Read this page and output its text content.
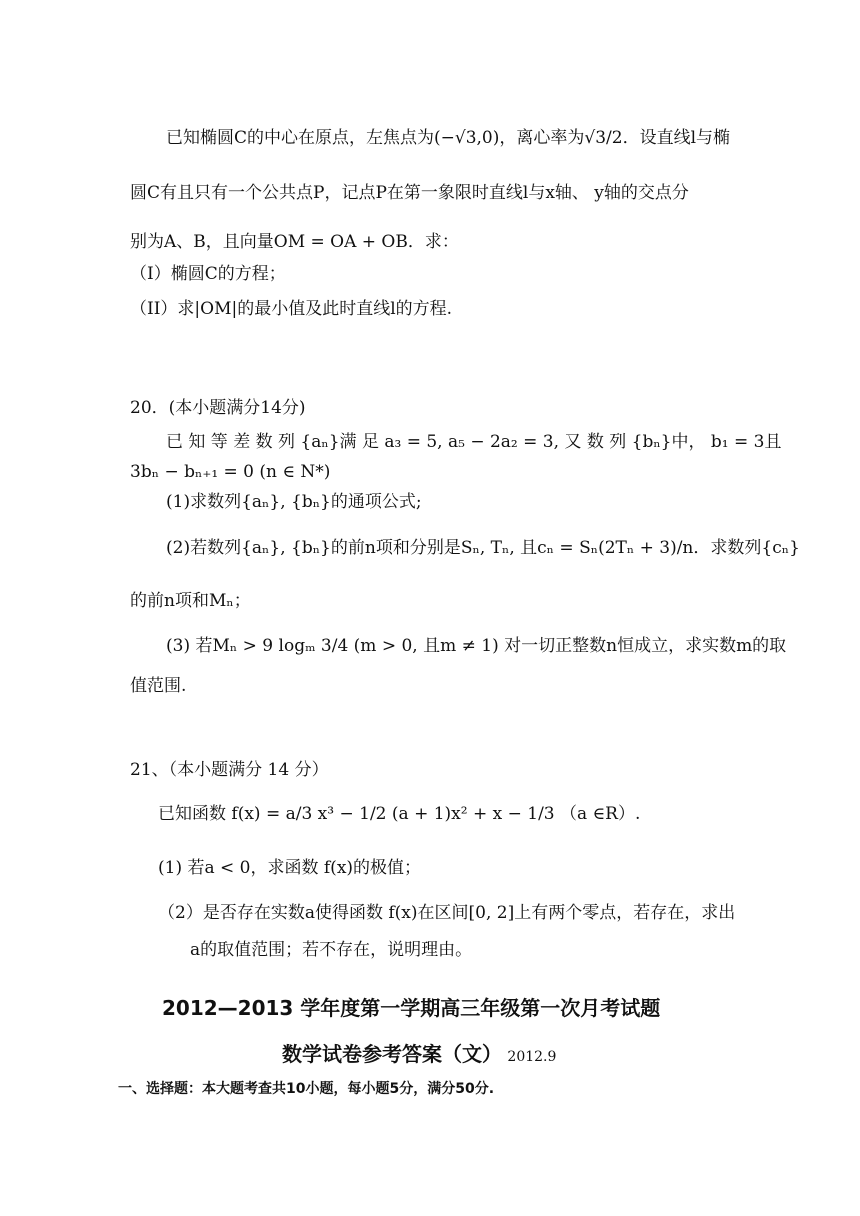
已知椭圆C的中心在原点，左焦点为(−√3,0)，离心率为√3/2．设直线l与椭
圆C有且只有一个公共点P，记点P在第一象限时直线l与x轴、 y轴的交点分
别为A、B，且向量OM = OA + OB．求：
（I）椭圆C的方程；
（II）求|OM|的最小值及此时直线l的方程.
20．(本小题满分14分)
已 知 等 差 数 列 {aₙ}满 足 a₃ = 5, a₅ − 2a₂ = 3, 又 数 列 {bₙ}中， b₁ = 3且
3bₙ − bₙ₊₁ = 0 (n ∈ N*)
(1)求数列{aₙ}, {bₙ}的通项公式;
(2)若数列{aₙ}, {bₙ}的前n项和分别是Sₙ, Tₙ, 且cₙ = Sₙ(2Tₙ + 3)/n．求数列{cₙ}
的前n项和Mₙ；
(3) 若Mₙ > 9 logₘ 3/4 (m > 0, 且m ≠ 1) 对一切正整数n恒成立，求实数m的取
值范围.
21、（本小题满分 14 分）
已知函数 f(x) = a/3 x³ − 1/2 (a + 1)x² + x − 1/3 （a ∈R）.
(1) 若a < 0，求函数 f(x)的极值；
（2）是否存在实数a使得函数 f(x)在区间[0, 2]上有两个零点，若存在，求出
a的取值范围；若不存在，说明理由。
2012—2013 学年度第一学期高三年级第一次月考试题
数学试卷参考答案（文） 2012.9
一、选择题：本大题考查共10小题，每小题5分，满分50分.
